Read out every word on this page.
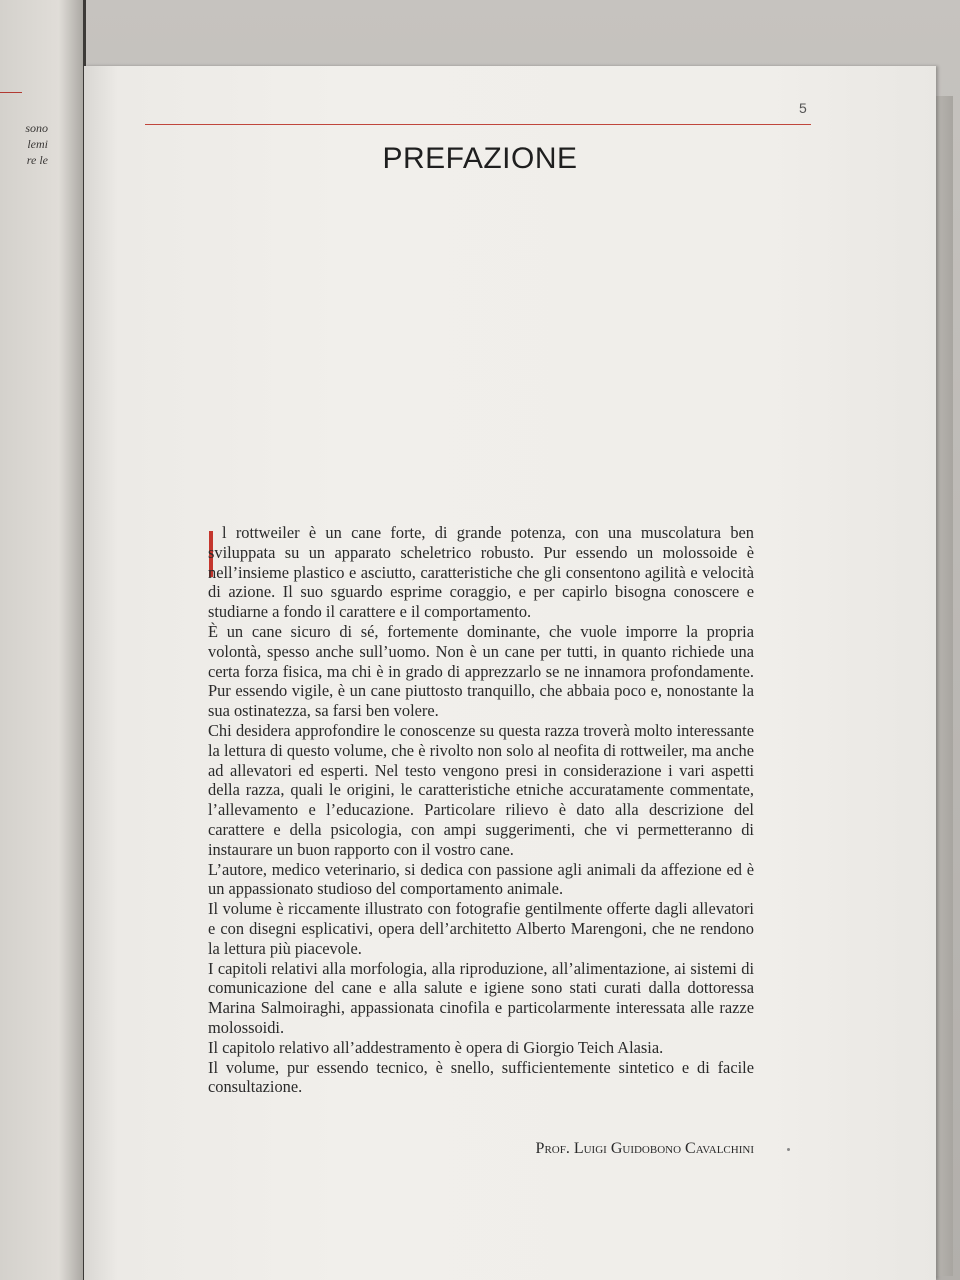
sono
lemi
re le
5
PREFAZIONE

l rottweiler è un cane forte, di grande potenza, con una muscolatura ben sviluppata su un apparato scheletrico robusto. Pur essendo un molossoide è nell’insieme plastico e asciutto, caratteristiche che gli consentono agilità e velocità di azione. Il suo sguardo esprime coraggio, e per capirlo bisogna conoscere e studiarne a fondo il carattere e il comportamento.

È un cane sicuro di sé, fortemente dominante, che vuole imporre la propria volontà, spesso anche sull’uomo. Non è un cane per tutti, in quanto richiede una certa forza fisica, ma chi è in grado di apprezzarlo se ne innamora profondamente. Pur essendo vigile, è un cane piuttosto tranquillo, che abbaia poco e, nonostante la sua ostinatezza, sa farsi ben volere.

Chi desidera approfondire le conoscenze su questa razza troverà molto interessante la lettura di questo volume, che è rivolto non solo al neofita di rottweiler, ma anche ad allevatori ed esperti. Nel testo vengono presi in considerazione i vari aspetti della razza, quali le origini, le caratteristiche etniche accuratamente commentate, l’allevamento e l’educazione. Particolare rilievo è dato alla descrizione del carattere e della psicologia, con ampi suggerimenti, che vi permetteranno di instaurare un buon rapporto con il vostro cane.

L’autore, medico veterinario, si dedica con passione agli animali da affezione ed è un appassionato studioso del comportamento animale.

Il volume è riccamente illustrato con fotografie gentilmente offerte dagli allevatori e con disegni esplicativi, opera dell’architetto Alberto Marengoni, che ne rendono la lettura più piacevole.

I capitoli relativi alla morfologia, alla riproduzione, all’alimentazione, ai sistemi di comunicazione del cane e alla salute e igiene sono stati curati dalla dottoressa Marina Salmoiraghi, appassionata cinofila e particolarmente interessata alle razze molossoidi.

Il capitolo relativo all’addestramento è opera di Giorgio Teich Alasia.

Il volume, pur essendo tecnico, è snello, sufficientemente sintetico e di facile consultazione.

Prof. Luigi Guidobono Cavalchini
